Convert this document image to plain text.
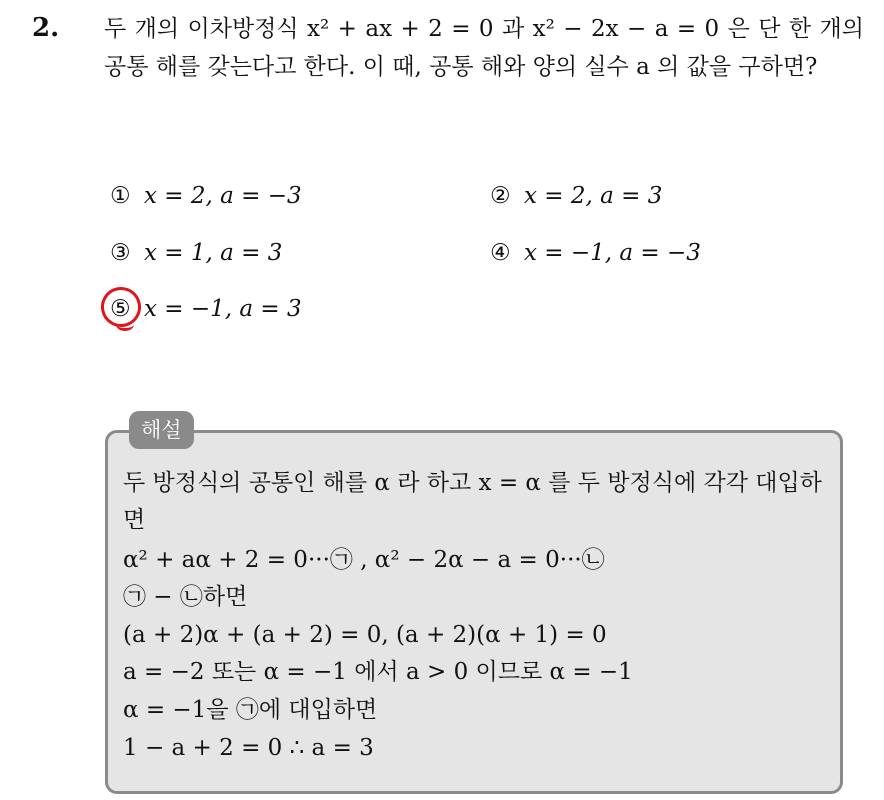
2. 두 개의 이차방정식 x² + ax + 2 = 0 과 x² − 2x − a = 0 은 단 한 개의 공통 해를 갖는다고 한다. 이 때, 공통 해와 양의 실수 a 의 값을 구하면?
① x = 2, a = −3	② x = 2, a = 3
③ x = 1, a = 3	④ x = −1, a = −3
⑤ x = −1, a = 3
해설
두 방정식의 공통인 해를 α 라 하고 x = α 를 두 방정식에 각각 대입하면
α² + aα + 2 = 0···㉠ , α² − 2α − a = 0···㉡
㉠ − ㉡하면
(a + 2)α + (a + 2) = 0, (a + 2)(α + 1) = 0
a = −2 또는 α = −1 에서 a > 0 이므로 α = −1
α = −1을 ㉠에 대입하면
1 − a + 2 = 0 ∴ a = 3
